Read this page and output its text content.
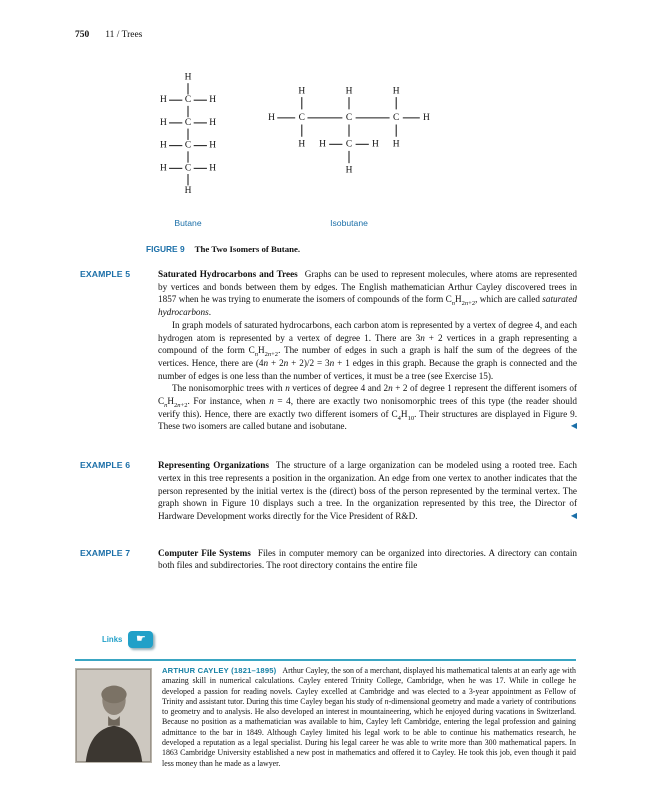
750 11 / Trees
H
C
H	H
C
H	H
C
H	H
C
H	H
H
Butane
H	H	H
H C	C	C H
H H C H H
H
Isobutane
FIGURE 9 The Two Isomers of Butane.
EXAMPLE 5	Saturated Hydrocarbons and Trees Graphs can be used to represent molecules, where atoms are represented by vertices and bonds between them by edges. The English mathematician Arthur Cayley discovered trees in 1857 when he was trying to enumerate the isomers of compounds of the form $C_nH_{2n+2}$, which are called saturated hydrocarbons.

In graph models of saturated hydrocarbons, each carbon atom is represented by a vertex of degree 4, and each hydrogen atom is represented by a vertex of degree 1. There are 3n + 2 vertices in a graph representing a compound of the form $C_nH_{2n+2}$. The number of edges in such a graph is half the sum of the degrees of the vertices. Hence, there are (4n + 2n + 2)/2 = 3n + 1 edges in this graph. Because the graph is connected and the number of edges is one less than the number of vertices, it must be a tree (see Exercise 15).

The nonisomorphic trees with n vertices of degree 4 and 2n + 2 of degree 1 represent the different isomers of $C_nH_{2n+2}$. For instance, when n = 4, there are exactly two nonisomorphic trees of this type (the reader should verify this). Hence, there are exactly two different isomers of $C_4H_{10}$. Their structures are displayed in Figure 9. These two isomers are called butane and isobutane.	◀

EXAMPLE 6	Representing Organizations The structure of a large organization can be modeled using a rooted tree. Each vertex in this tree represents a position in the organization. An edge from one vertex to another indicates that the person represented by the initial vertex is the (direct) boss of the person represented by the terminal vertex. The graph shown in Figure 10 displays such a tree. In the organization represented by this tree, the Director of Hardware Development works directly for the Vice President of R&D.	◀

EXAMPLE 7	Computer File Systems Files in computer memory can be organized into directories. A directory can contain both files and subdirectories. The root directory contains the entire file

Links ☛
ARTHUR CAYLEY (1821–1895) Arthur Cayley, the son of a merchant, displayed his mathematical talents at an early age with amazing skill in numerical calculations. Cayley entered Trinity College, Cambridge, when he was 17. While in college he developed a passion for reading novels. Cayley excelled at Cambridge and was elected to a 3-year appointment as Fellow of Trinity and assistant tutor. During this time Cayley began his study of n-dimensional geometry and made a variety of contributions to geometry and to analysis. He also developed an interest in mountaineering, which he enjoyed during vacations in Switzerland. Because no position as a mathematician was available to him, Cayley left Cambridge, entering the legal profession and gaining admittance to the bar in 1849. Although Cayley limited his legal work to be able to continue his mathematics research, he developed a reputation as a legal specialist. During his legal career he was able to write more than 300 mathematical papers. In 1863 Cambridge University established a new post in mathematics and offered it to Cayley. He took this job, even though it paid less money than he made as a lawyer.
